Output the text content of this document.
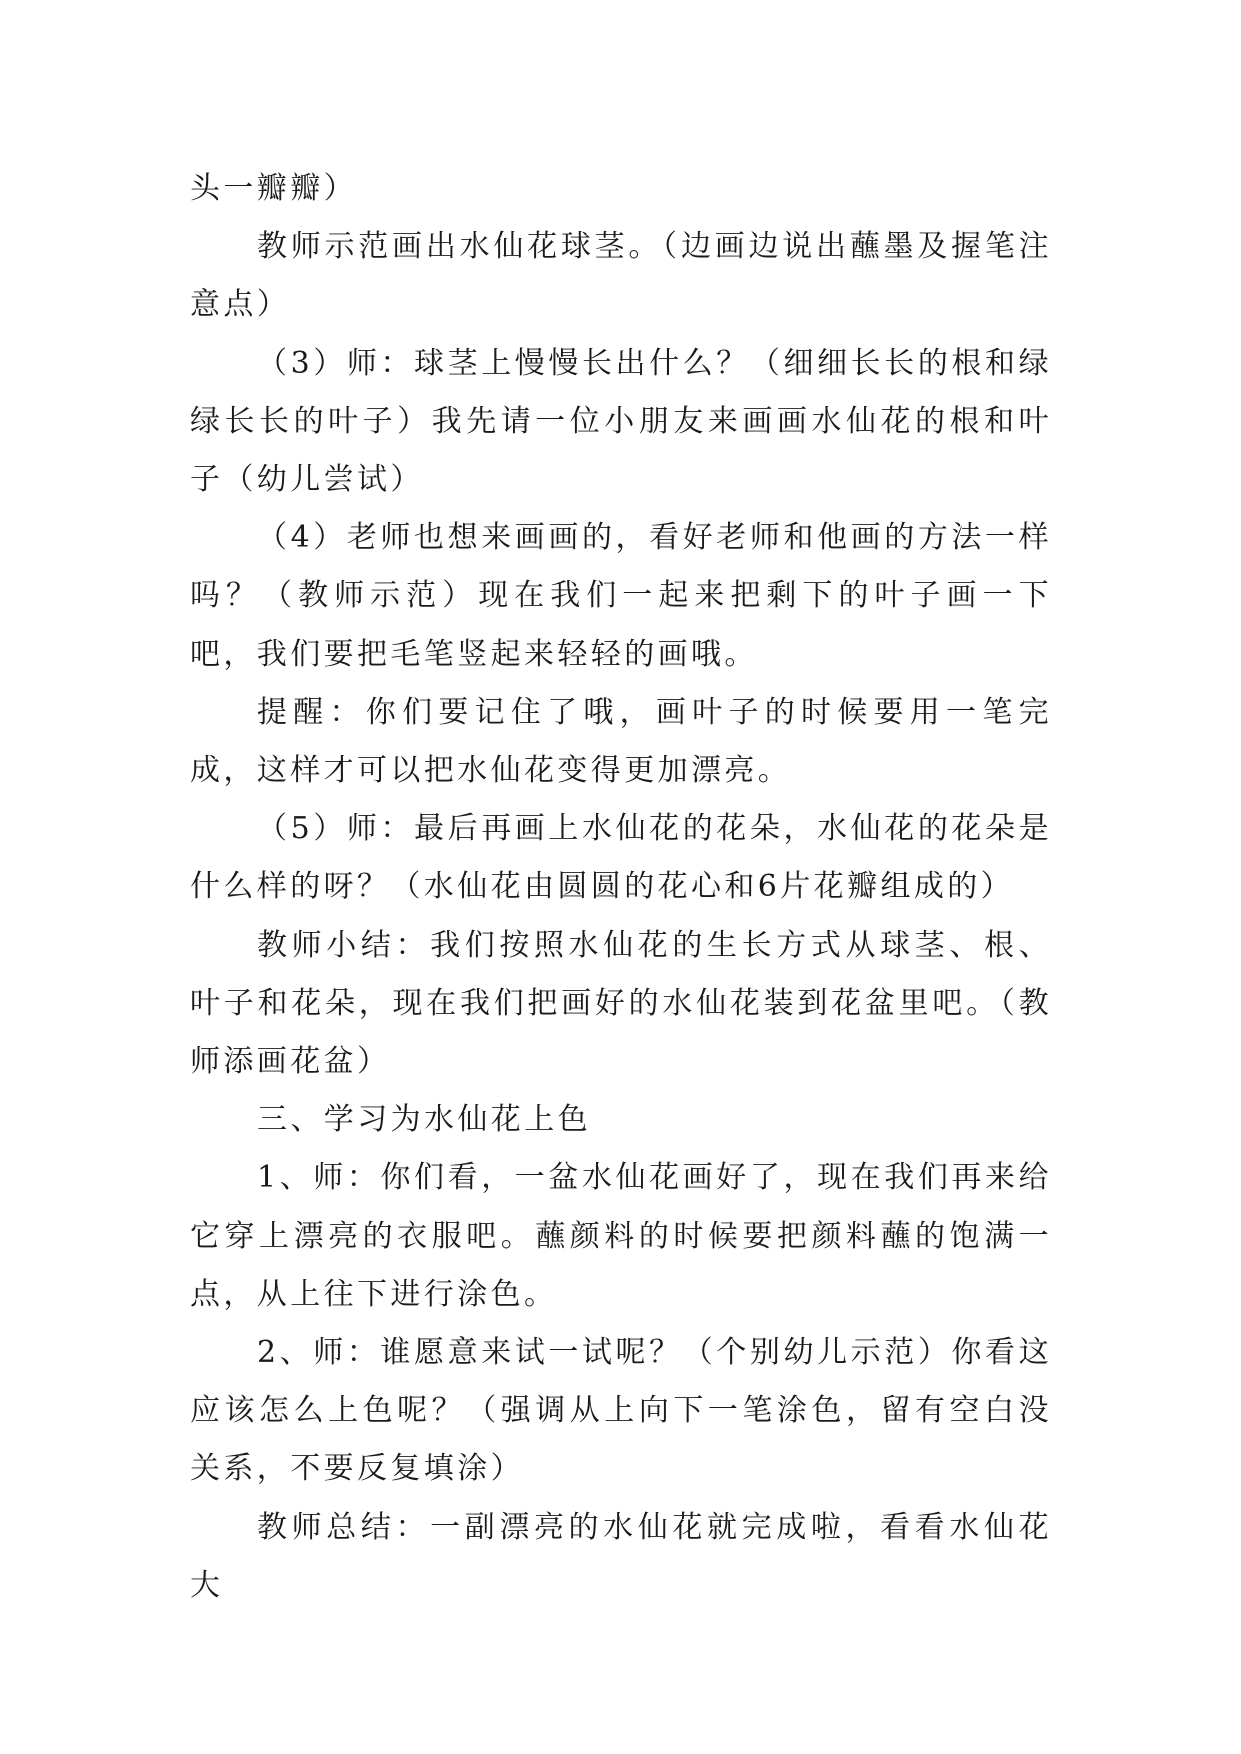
头一瓣瓣）

教师示范画出水仙花球茎。（边画边说出蘸墨及握笔注意点）

（3）师：球茎上慢慢长出什么？（细细长长的根和绿绿长长的叶子）我先请一位小朋友来画画水仙花的根和叶子（幼儿尝试）

（4）老师也想来画画的，看好老师和他画的方法一样吗？（教师示范）现在我们一起来把剩下的叶子画一下吧，我们要把毛笔竖起来轻轻的画哦。

提醒：你们要记住了哦，画叶子的时候要用一笔完成，这样才可以把水仙花变得更加漂亮。

（5）师：最后再画上水仙花的花朵，水仙花的花朵是什么样的呀？（水仙花由圆圆的花心和6片花瓣组成的）

教师小结：我们按照水仙花的生长方式从球茎、根、叶子和花朵，现在我们把画好的水仙花装到花盆里吧。（教师添画花盆）

三、学习为水仙花上色

1、师：你们看，一盆水仙花画好了，现在我们再来给它穿上漂亮的衣服吧。蘸颜料的时候要把颜料蘸的饱满一点，从上往下进行涂色。

2、师：谁愿意来试一试呢？（个别幼儿示范）你看这应该怎么上色呢？（强调从上向下一笔涂色，留有空白没关系，不要反复填涂）

教师总结：一副漂亮的水仙花就完成啦，看看水仙花大
